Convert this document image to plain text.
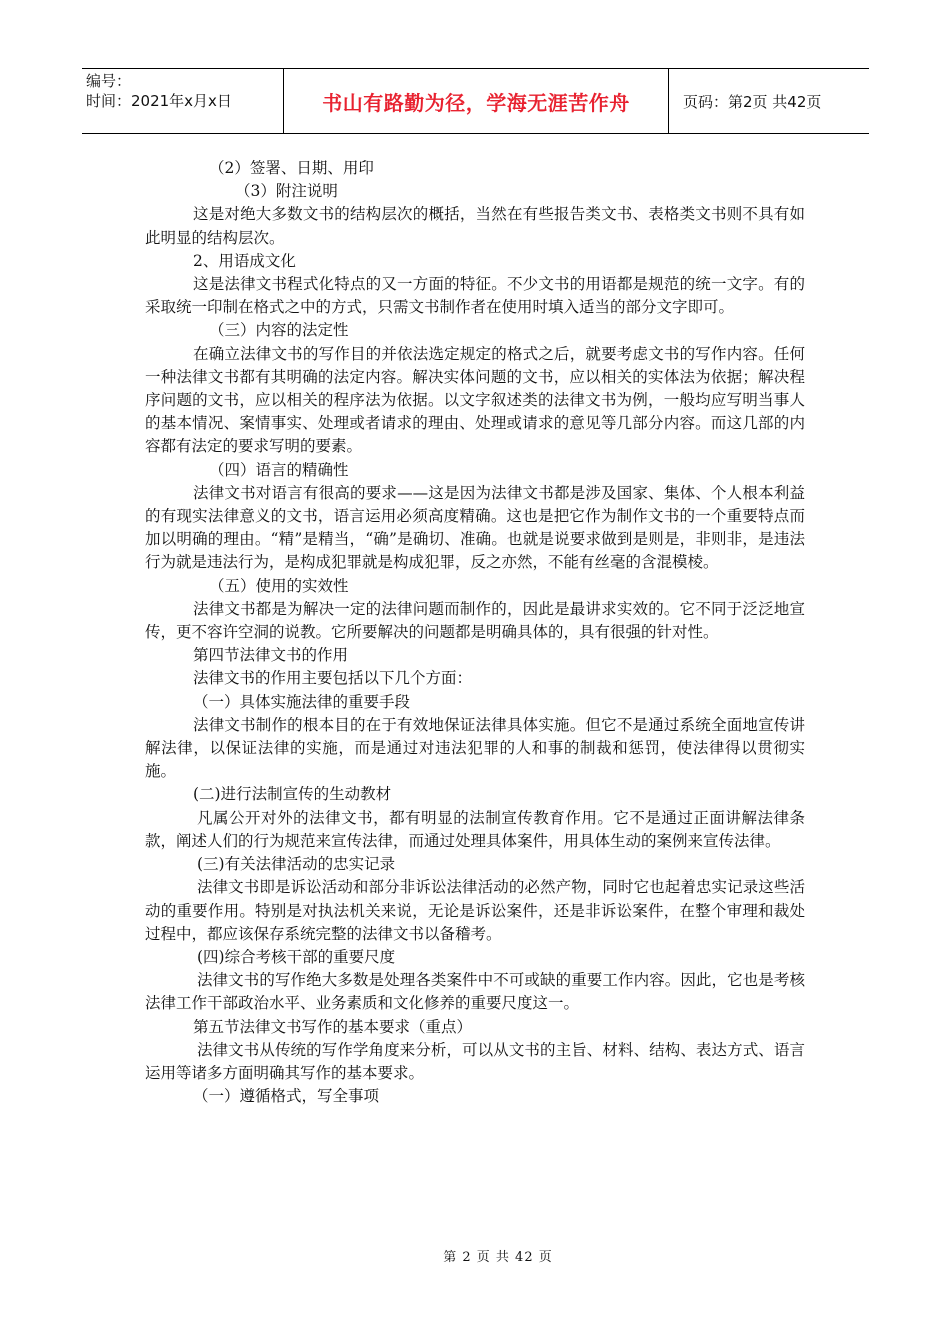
编号：
时间：2021年x月x日	书山有路勤为径，学海无涯苦作舟	页码：第2页 共42页

（2）签署、日期、用印

（3）附注说明

这是对绝大多数文书的结构层次的概括，当然在有些报告类文书、表格类文书则不具有如此明显的结构层次。

2、用语成文化

这是法律文书程式化特点的又一方面的特征。不少文书的用语都是规范的统一文字。有的采取统一印制在格式之中的方式，只需文书制作者在使用时填入适当的部分文字即可。

（三）内容的法定性

在确立法律文书的写作目的并依法选定规定的格式之后，就要考虑文书的写作内容。任何一种法律文书都有其明确的法定内容。解决实体问题的文书，应以相关的实体法为依据；解决程序问题的文书，应以相关的程序法为依据。以文字叙述类的法律文书为例，一般均应写明当事人的基本情况、案情事实、处理或者请求的理由、处理或请求的意见等几部分内容。而这几部的内容都有法定的要求写明的要素。

（四）语言的精确性

法律文书对语言有很高的要求——这是因为法律文书都是涉及国家、集体、个人根本利益的有现实法律意义的文书，语言运用必须高度精确。这也是把它作为制作文书的一个重要特点而加以明确的理由。“精”是精当，“确”是确切、准确。也就是说要求做到是则是，非则非，是违法行为就是违法行为，是构成犯罪就是构成犯罪，反之亦然，不能有丝毫的含混模棱。

（五）使用的实效性

法律文书都是为解决一定的法律问题而制作的，因此是最讲求实效的。它不同于泛泛地宣传，更不容许空洞的说教。它所要解决的问题都是明确具体的，具有很强的针对性。

第四节法律文书的作用

法律文书的作用主要包括以下几个方面：

（一）具体实施法律的重要手段

法律文书制作的根本目的在于有效地保证法律具体实施。但它不是通过系统全面地宣传讲解法律，以保证法律的实施，而是通过对违法犯罪的人和事的制裁和惩罚，使法律得以贯彻实施。

(二)进行法制宣传的生动教材

凡属公开对外的法律文书，都有明显的法制宣传教育作用。它不是通过正面讲解法律条款，阐述人们的行为规范来宣传法律，而通过处理具体案件，用具体生动的案例来宣传法律。

(三)有关法律活动的忠实记录

法律文书即是诉讼活动和部分非诉讼法律活动的必然产物，同时它也起着忠实记录这些活动的重要作用。特别是对执法机关来说，无论是诉讼案件，还是非诉讼案件，在整个审理和裁处过程中，都应该保存系统完整的法律文书以备稽考。

(四)综合考核干部的重要尺度

法律文书的写作绝大多数是处理各类案件中不可或缺的重要工作内容。因此，它也是考核法律工作干部政治水平、业务素质和文化修养的重要尺度这一。

第五节法律文书写作的基本要求（重点）

法律文书从传统的写作学角度来分析，可以从文书的主旨、材料、结构、表达方式、语言运用等诸多方面明确其写作的基本要求。

（一）遵循格式，写全事项

第 2 页 共 42 页
